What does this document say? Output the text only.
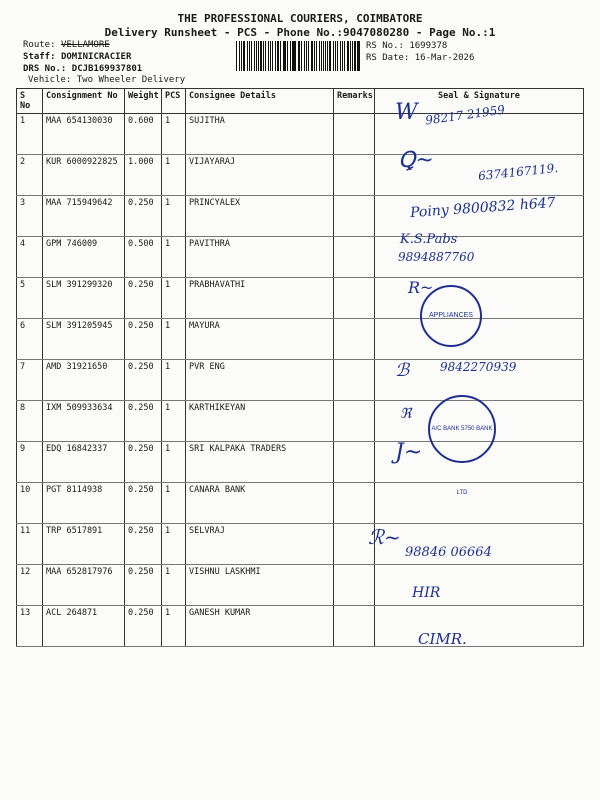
THE PROFESSIONAL COURIERS, COIMBATORE
Delivery Runsheet - PCS - Phone No.:9047080280 - Page No.:1
Route: VELLAMORE
Staff: DOMINICRACIER
DRS No.: DCJB169937801
Vehicle: Two Wheeler Delivery
RS No.: 1699378
RS Date: 16-Mar-2026
S No	Consignment No	Weight	PCS	Consignee Details	Remarks	Seal & Signature
1	MAA 654130030	0.600	1	SUJITHA		
2	KUR 6000922825	1.000	1	VIJAYARAJ		
3	MAA 715949642	0.250	1	PRINCYALEX		
4	GPM 746009	0.500	1	PAVITHRA		
5	SLM 391299320	0.250	1	PRABHAVATHI		
6	SLM 391205945	0.250	1	MAYURA		
7	AMD 31921650	0.250	1	PVR ENG		
8	IXM 509933634	0.250	1	KARTHIKEYAN		
9	EDQ 16842337	0.250	1	SRI KALPAKA TRADERS		
10	PGT 8114938	0.250	1	CANARA BANK		
11	TRP 6517891	0.250	1	SELVRAJ		
12	MAA 652817976	0.250	1	VISHNU LASKHMI		
13	ACL 264871	0.250	1	GANESH KUMAR		
W 98217 21959
Ꝗ~	6374167119.
Poiny 9800832 h647
K.S.Pabs
9894887760
R~
APPLIANCES
ℬ	9842270939
ℜ
A/C BANK 5750 BANK LTD
J~
ℛ~
98846 06664
HIR
CIMR.
